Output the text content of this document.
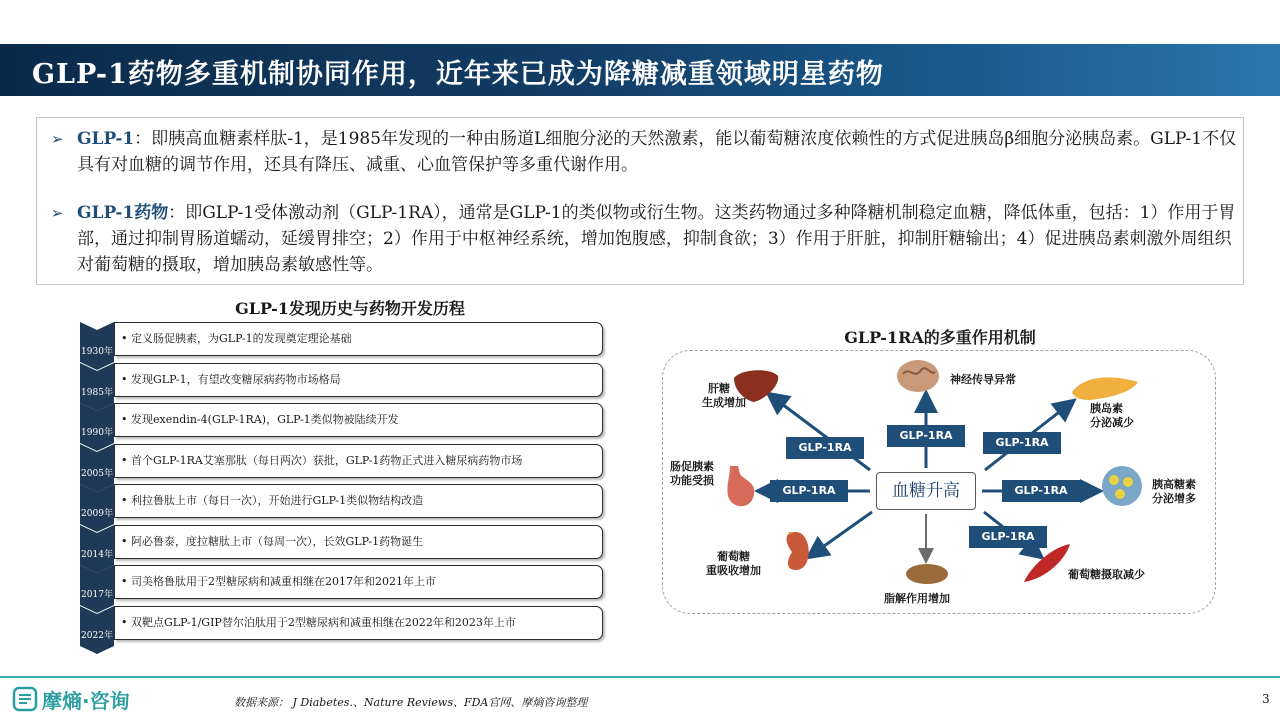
GLP-1药物多重机制协同作用，近年来已成为降糖减重领域明星药物
➢ GLP-1：即胰高血糖素样肽-1，是1985年发现的一种由肠道L细胞分泌的天然激素，能以葡萄糖浓度依赖性的方式促进胰岛β细胞分泌胰岛素。GLP-1不仅具有对血糖的调节作用，还具有降压、减重、心血管保护等多重代谢作用。
➢ GLP-1药物：即GLP-1受体激动剂（GLP-1RA），通常是GLP-1的类似物或衍生物。这类药物通过多种降糖机制稳定血糖，降低体重，包括：1）作用于胃部，通过抑制胃肠道蠕动，延缓胃排空；2）作用于中枢神经系统，增加饱腹感，抑制食欲；3）作用于肝脏，抑制肝糖输出；4）促进胰岛素刺激外周组织对葡萄糖的摄取，增加胰岛素敏感性等。
GLP-1发现历史与药物开发历程
1930年
• 定义肠促胰素，为GLP-1的发现奠定理论基础
1985年
• 发现GLP-1，有望改变糖尿病药物市场格局
1990年
• 发现exendin-4(GLP-1RA)，GLP-1类似物被陆续开发
2005年
• 首个GLP-1RA艾塞那肽（每日两次）获批，GLP-1药物正式进入糖尿病药物市场
2009年
• 利拉鲁肽上市（每日一次），开始进行GLP-1类似物结构改造
2014年
• 阿必鲁泰，度拉糖肽上市（每周一次），长效GLP-1药物诞生
2017年
• 司美格鲁肽用于2型糖尿病和减重相继在2017年和2021年上市
2022年
• 双靶点GLP-1/GIP替尔泊肽用于2型糖尿病和减重相继在2022年和2023年上市
GLP-1RA的多重作用机制
血糖升高
GLP-1RA
GLP-1RA
GLP-1RA
GLP-1RA	GLP-1RA
GLP-1RA
肝糖
生成增加
神经传导异常
胰岛素
分泌减少
肠促胰素
功能受损	胰高糖素
分泌增多
葡萄糖
重吸收增加
脂解作用增加
葡萄糖摄取减少
摩熵·咨询	数据来源： J Diabetes.、Nature Reviews、FDA官网、摩熵咨询整理	3
